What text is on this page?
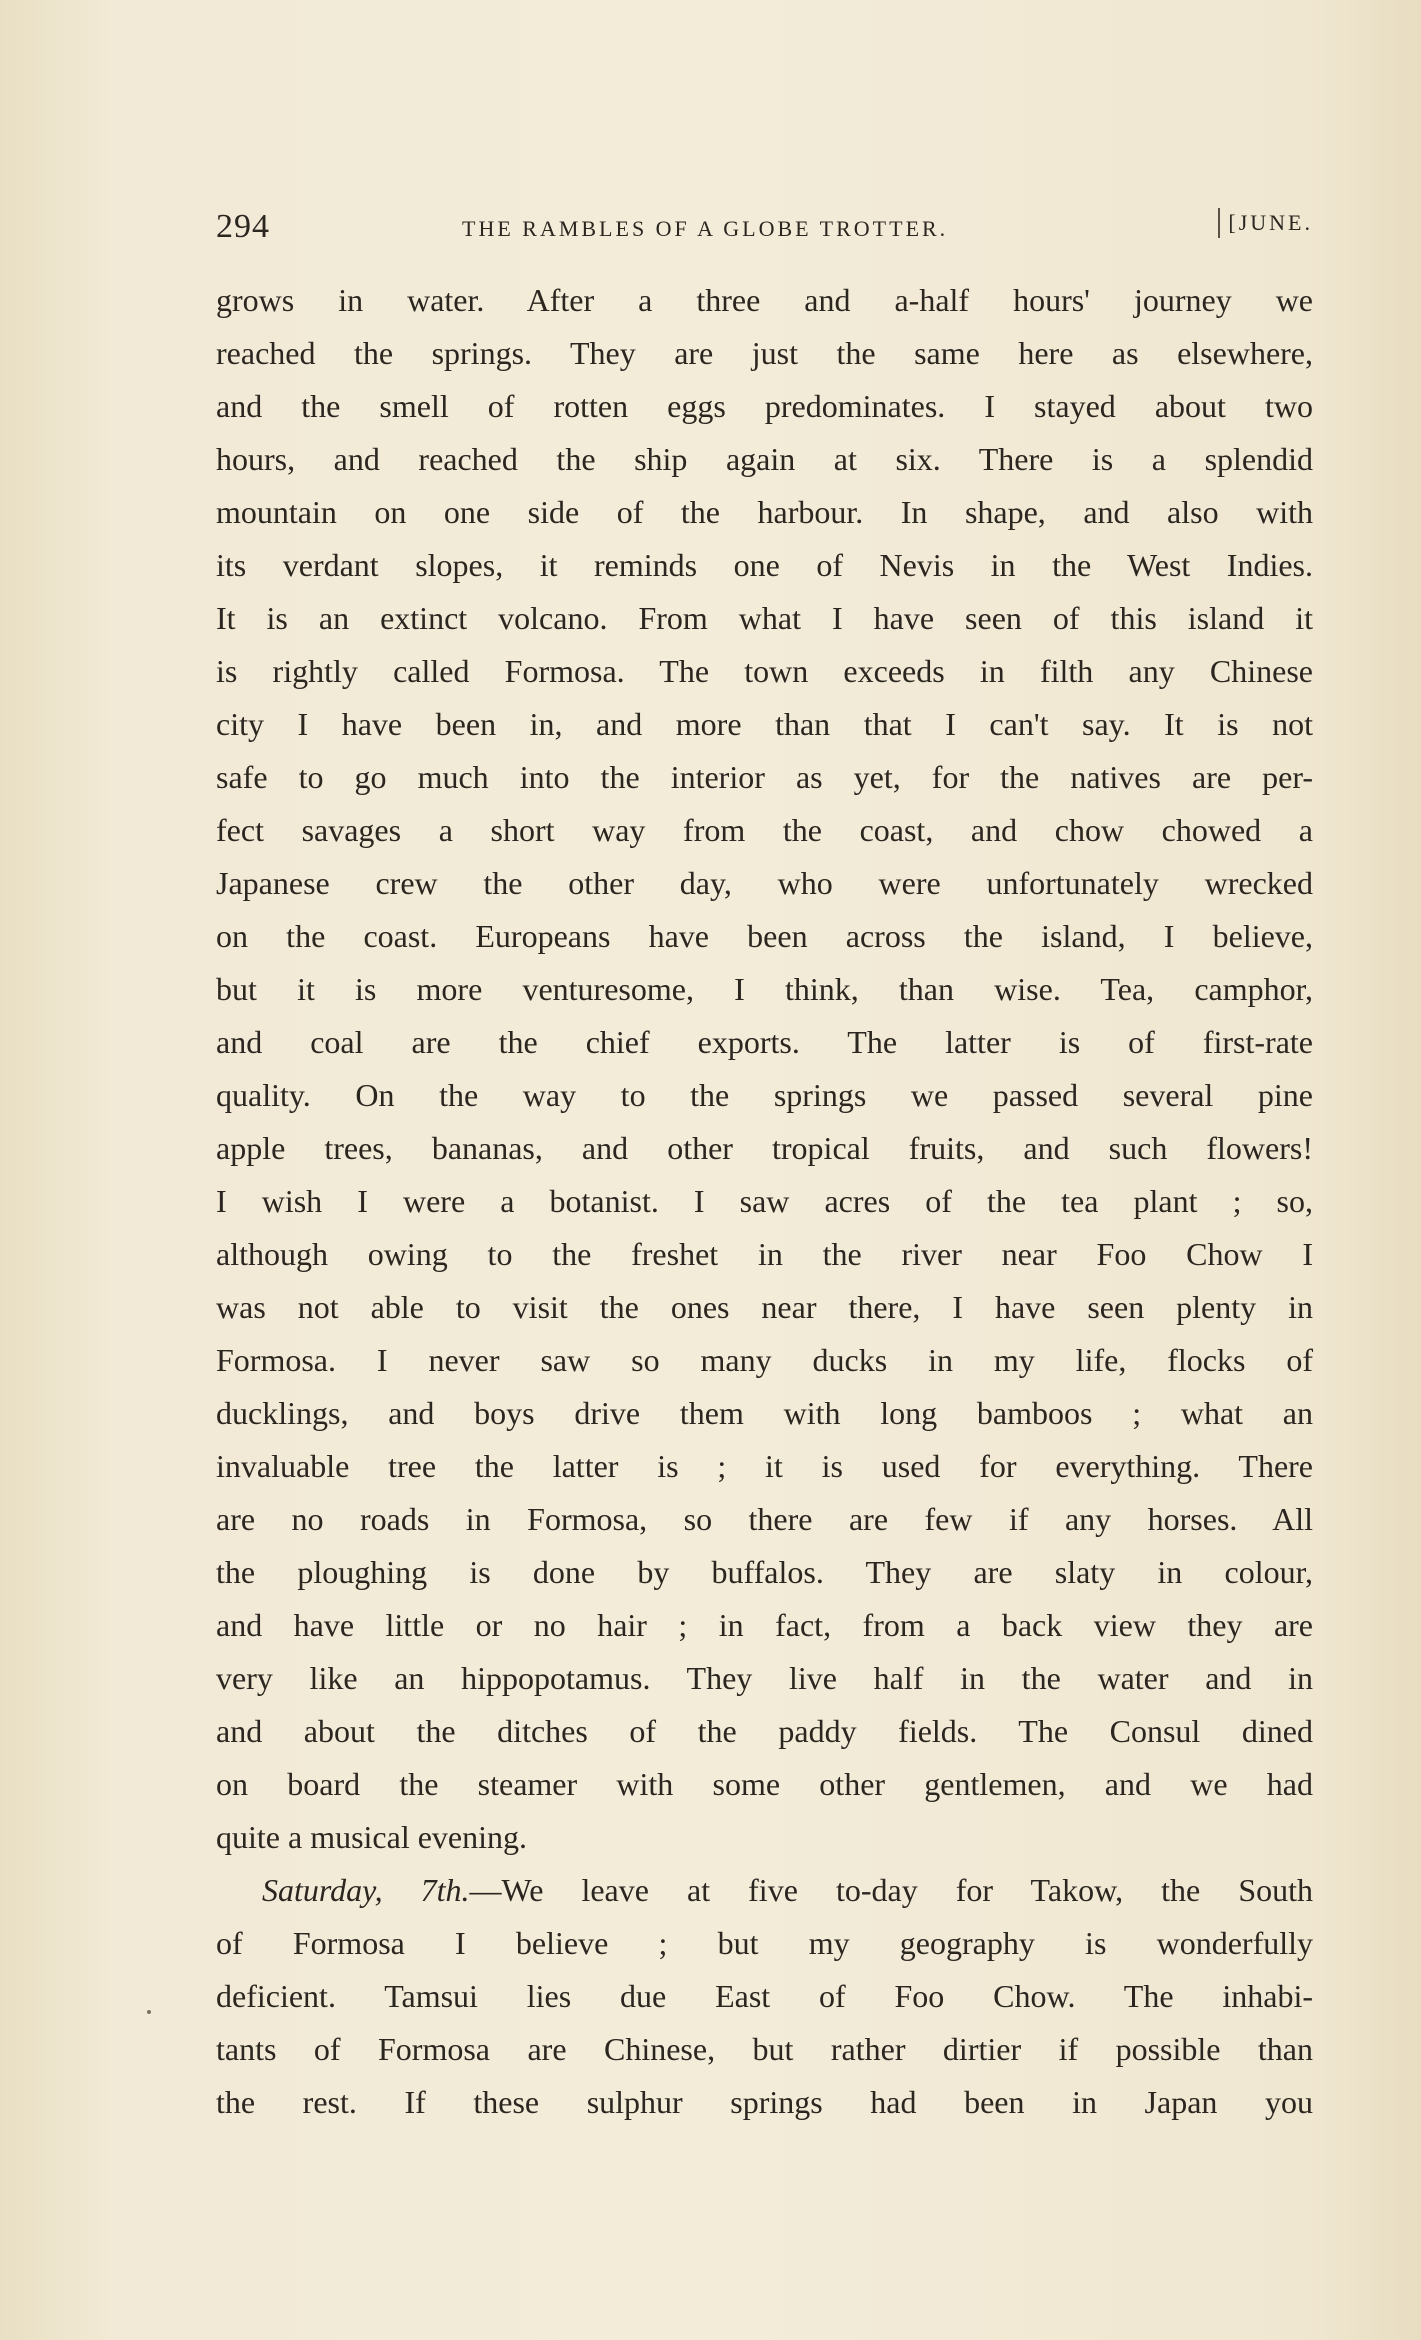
294	THE RAMBLES OF A GLOBE TROTTER.	[JUNE.
grows in water. After a three and a-half hours' journey we
reached the springs. They are just the same here as elsewhere,
and the smell of rotten eggs predominates. I stayed about two
hours, and reached the ship again at six. There is a splendid
mountain on one side of the harbour. In shape, and also with
its verdant slopes, it reminds one of Nevis in the West Indies.
It is an extinct volcano. From what I have seen of this island it
is rightly called Formosa. The town exceeds in filth any Chinese
city I have been in, and more than that I can't say. It is not
safe to go much into the interior as yet, for the natives are per-
fect savages a short way from the coast, and chow chowed a
Japanese crew the other day, who were unfortunately wrecked
on the coast. Europeans have been across the island, I believe,
but it is more venturesome, I think, than wise. Tea, camphor,
and coal are the chief exports. The latter is of first-rate
quality. On the way to the springs we passed several pine
apple trees, bananas, and other tropical fruits, and such flowers!
I wish I were a botanist. I saw acres of the tea plant ; so,
although owing to the freshet in the river near Foo Chow I
was not able to visit the ones near there, I have seen plenty in
Formosa. I never saw so many ducks in my life, flocks of
ducklings, and boys drive them with long bamboos ; what an
invaluable tree the latter is ; it is used for everything. There
are no roads in Formosa, so there are few if any horses. All
the ploughing is done by buffalos. They are slaty in colour,
and have little or no hair ; in fact, from a back view they are
very like an hippopotamus. They live half in the water and in
and about the ditches of the paddy fields. The Consul dined
on board the steamer with some other gentlemen, and we had
quite a musical evening.
Saturday, 7th.—We leave at five to-day for Takow, the South
of Formosa I believe ; but my geography is wonderfully
deficient. Tamsui lies due East of Foo Chow. The inhabi-
tants of Formosa are Chinese, but rather dirtier if possible than
the rest. If these sulphur springs had been in Japan you
